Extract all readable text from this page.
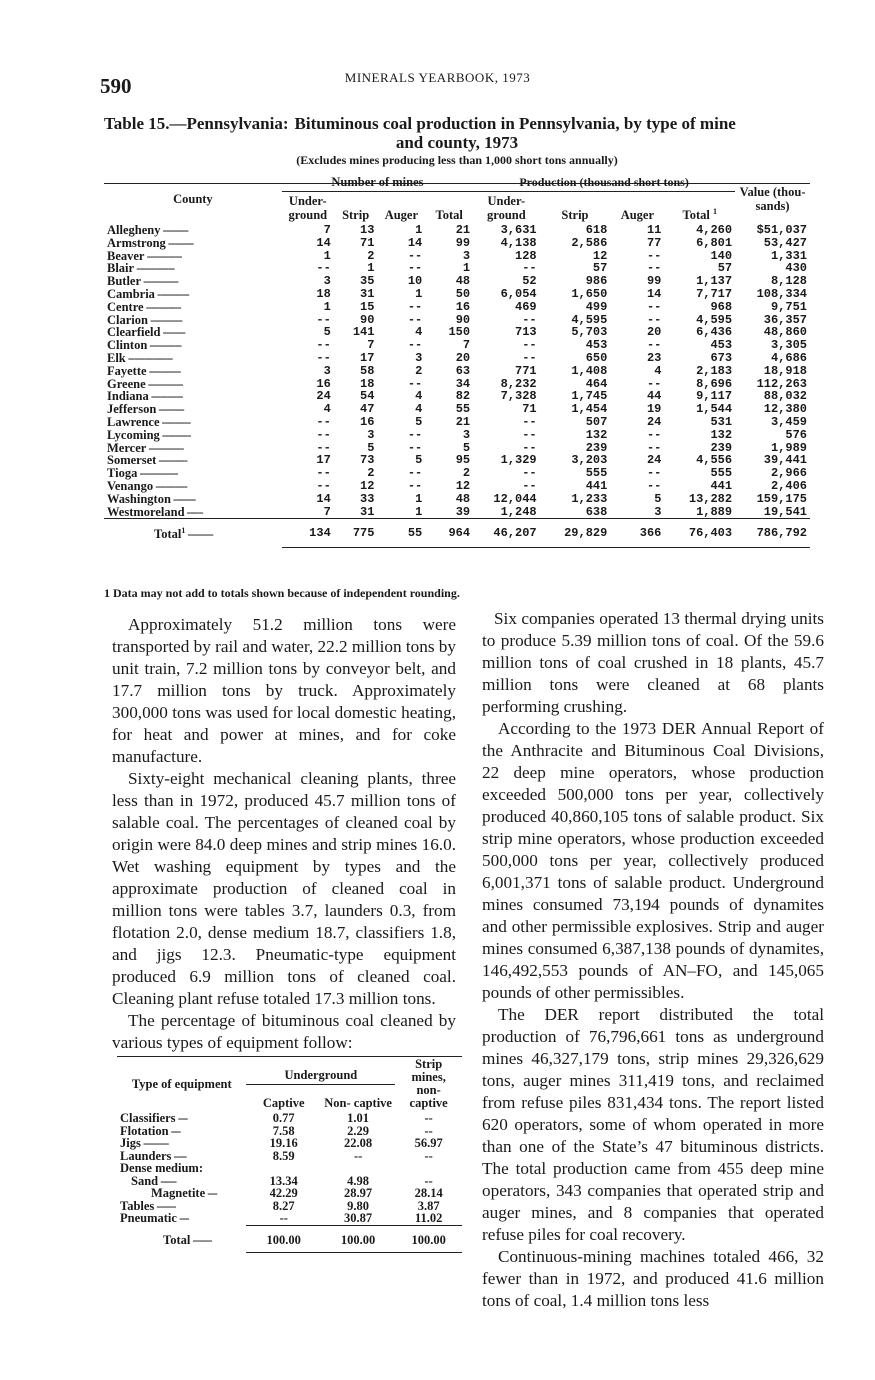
590	MINERALS YEARBOOK, 1973
Table 15.—Pennsylvania: Bituminous coal production in Pennsylvania, by type of mine
and county, 1973
(Excludes mines producing less than 1,000 short tons annually)
County	Number of mines				Production (thousand short tons)				Value (thou- sands)
	Under- ground	Strip	Auger	Total	Under- ground	Strip	Auger	Total $^1$
Allegheny --------	7	13	1	21	3,631	618	11	4,260	$51,037
Armstrong --------	14	71	14	99	4,138	2,586	77	6,801	53,427
Beaver -----------	1	2	--	3	128	12	--	140	1,331
Blair ------------	--	1	--	1	--	57	--	57	430
Butler -----------	3	35	10	48	52	986	99	1,137	8,128
Cambria ----------	18	31	1	50	6,054	1,650	14	7,717	108,334
Centre -----------	1	15	--	16	469	499	--	968	9,751
Clarion ----------	--	90	--	90	--	4,595	--	4,595	36,357
Clearfield -------	5	141	4	150	713	5,703	20	6,436	48,860
Clinton ----------	--	7	--	7	--	453	--	453	3,305
Elk --------------	--	17	3	20	--	650	23	673	4,686
Fayette ----------	3	58	2	63	771	1,408	4	2,183	18,918
Greene -----------	16	18	--	34	8,232	464	--	8,696	112,263
Indiana ----------	24	54	4	82	7,328	1,745	44	9,117	88,032
Jefferson --------	4	47	4	55	71	1,454	19	1,544	12,380
Lawrence ---------	--	16	5	21	--	507	24	531	3,459
Lycoming ---------	--	3	--	3	--	132	--	132	576
Mercer -----------	--	5	--	5	--	239	--	239	1,989
Somerset ---------	17	73	5	95	1,329	3,203	24	4,556	39,441
Tioga ------------	--	2	--	2	--	555	--	555	2,966
Venango ----------	--	12	--	12	--	441	--	441	2,406
Washington -------	14	33	1	48	12,044	1,233	5	13,282	159,175
Westmoreland -----	7	31	1	39	1,248	638	3	1,889	19,541
Total$^1$ --------	134	775	55	964	46,207	29,829	366	76,403	786,792
1 Data may not add to totals shown because of independent rounding.

Approximately 51.2 million tons were transported by rail and water, 22.2 million tons by unit train, 7.2 million tons by conveyor belt, and 17.7 million tons by truck. Approximately 300,000 tons was used for local domestic heating, for heat and power at mines, and for coke manufacture.

Sixty-eight mechanical cleaning plants, three less than in 1972, produced 45.7 million tons of salable coal. The percentages of cleaned coal by origin were 84.0 deep mines and strip mines 16.0. Wet washing equipment by types and the approximate production of cleaned coal in million tons were tables 3.7, launders 0.3, from flotation 2.0, dense medium 18.7, classifiers 1.8, and jigs 12.3. Pneumatic-type equipment produced 6.9 million tons of cleaned coal. Cleaning plant refuse totaled 17.3 million tons.

The percentage of bituminous coal cleaned by various types of equipment follow:

Type of equipment	Underground		Strip mines, non- captive
	Captive	Non- captive	
Classifiers ---	0.77	1.01	--
Flotation ---	7.58	2.29	--
Jigs --------	19.16	22.08	56.97
Launders ----	8.59	--	--
Dense medium:			
Sand -----	13.34	4.98	--
Magnetite ---	42.29	28.97	28.14
Tables ------	8.27	9.80	3.87
Pneumatic ---	--	30.87	11.02
Total ------	100.00	100.00	100.00

Six companies operated 13 thermal drying units to produce 5.39 million tons of coal. Of the 59.6 million tons of coal crushed in 18 plants, 45.7 million tons were cleaned at 68 plants performing crushing.

According to the 1973 DER Annual Report of the Anthracite and Bituminous Coal Divisions, 22 deep mine operators, whose production exceeded 500,000 tons per year, collectively produced 40,860,105 tons of salable product. Six strip mine operators, whose production exceeded 500,000 tons per year, collectively produced 6,001,371 tons of salable product. Underground mines consumed 73,194 pounds of dynamites and other permissible explosives. Strip and auger mines consumed 6,387,138 pounds of dynamites, 146,492,553 pounds of AN–FO, and 145,065 pounds of other permissibles.

The DER report distributed the total production of 76,796,661 tons as underground mines 46,327,179 tons, strip mines 29,326,629 tons, auger mines 311,419 tons, and reclaimed from refuse piles 831,434 tons. The report listed 620 operators, some of whom operated in more than one of the State’s 47 bituminous districts. The total production came from 455 deep mine operators, 343 companies that operated strip and auger mines, and 8 companies that operated refuse piles for coal recovery.

Continuous-mining machines totaled 466, 32 fewer than in 1972, and produced 41.6 million tons of coal, 1.4 million tons less
